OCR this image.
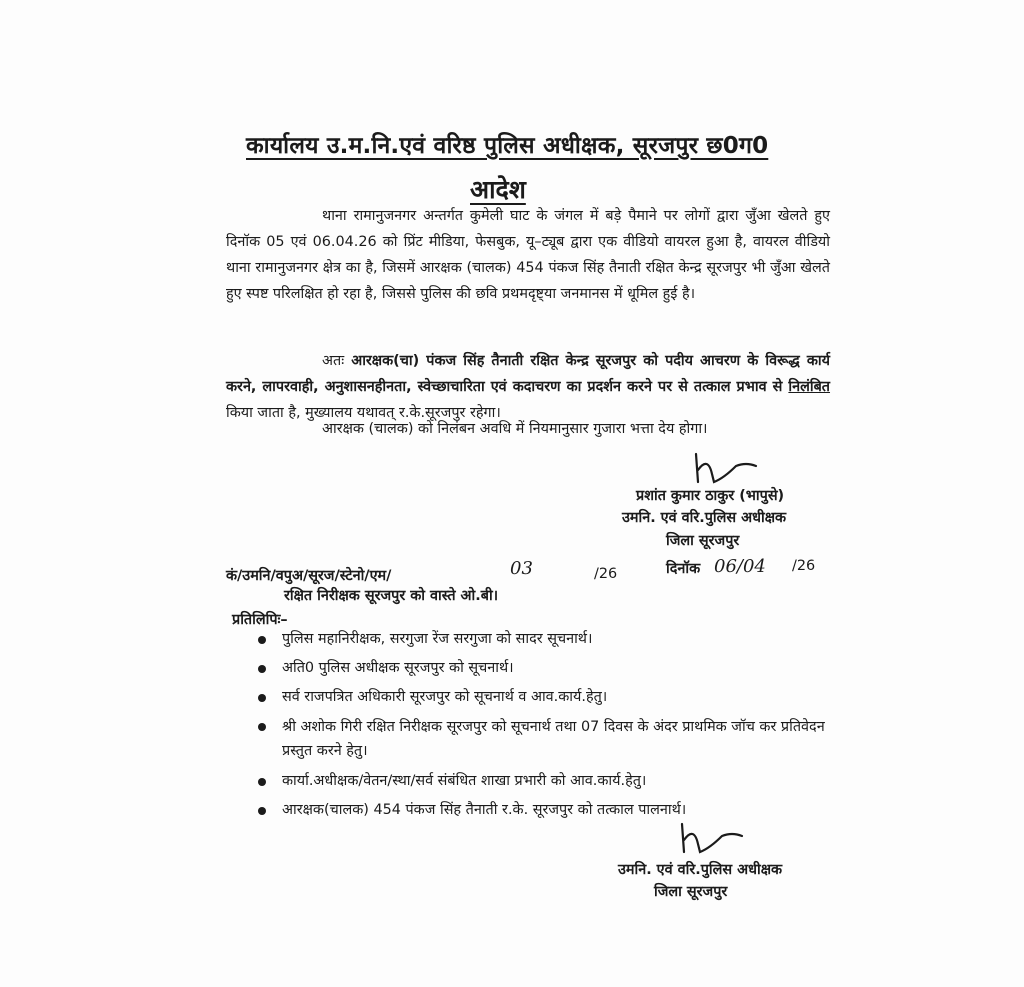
कार्यालय उ.म.नि.एवं वरिष्ठ पुलिस अधीक्षक, सूरजपुर छ0ग0
आदेश
थाना रामानुजनगर अन्तर्गत कुमेली घाट के जंगल में बड़े पैमाने पर लोगों द्वारा जुँआ खेलते हुए दिनॉक 05 एवं 06.04.26 को प्रिंट मीडिया, फेसबुक, यू–ट्यूब द्वारा एक वीडियो वायरल हुआ है, वायरल वीडियो थाना रामानुजनगर क्षेत्र का है, जिसमें आरक्षक (चालक) 454 पंकज सिंह तैनाती रक्षित केन्द्र सूरजपुर भी जुँआ खेलते हुए स्पष्ट परिलक्षित हो रहा है, जिससे पुलिस की छवि प्रथमदृष्ट्या जनमानस में धूमिल हुई है।
अतः आरक्षक(चा) पंकज सिंह तैनाती रक्षित केन्द्र सूरजपुर को पदीय आचरण के विरूद्ध कार्य करने, लापरवाही, अनुशासनहीनता, स्वेच्छाचारिता एवं कदाचरण का प्रदर्शन करने पर से तत्काल प्रभाव से निलंबित किया जाता है, मुख्यालय यथावत् र.के.सूरजपुर रहेगा।
आरक्षक (चालक) को निलंबन अवधि में नियमानुसार गुजारा भत्ता देय होगा।
प्रशांत कुमार ठाकुर (भापुसे)
उमनि. एवं वरि.पुलिस अधीक्षक
जिला सूरजपुर
कं/उमनि/वपुअ/सूरज/स्टेनो/एम/	03	/26	दिनॉक 06/04 /26
रक्षित निरीक्षक सूरजपुर को वास्ते ओ.बी।
प्रतिलिपिः–
पुलिस महानिरीक्षक, सरगुजा रेंज सरगुजा को सादर सूचनार्थ।
अति0 पुलिस अधीक्षक सूरजपुर को सूचनार्थ।
सर्व राजपत्रित अधिकारी सूरजपुर को सूचनार्थ व आव.कार्य.हेतु।
श्री अशोक गिरी रक्षित निरीक्षक सूरजपुर को सूचनार्थ तथा 07 दिवस के अंदर प्राथमिक जॉच कर प्रतिवेदन प्रस्तुत करने हेतु।
कार्या.अधीक्षक/वेतन/स्था/सर्व संबंधित शाखा प्रभारी को आव.कार्य.हेतु।
आरक्षक(चालक) 454 पंकज सिंह तैनाती र.के. सूरजपुर को तत्काल पालनार्थ।
उमनि. एवं वरि.पुलिस अधीक्षक
जिला सूरजपुर
